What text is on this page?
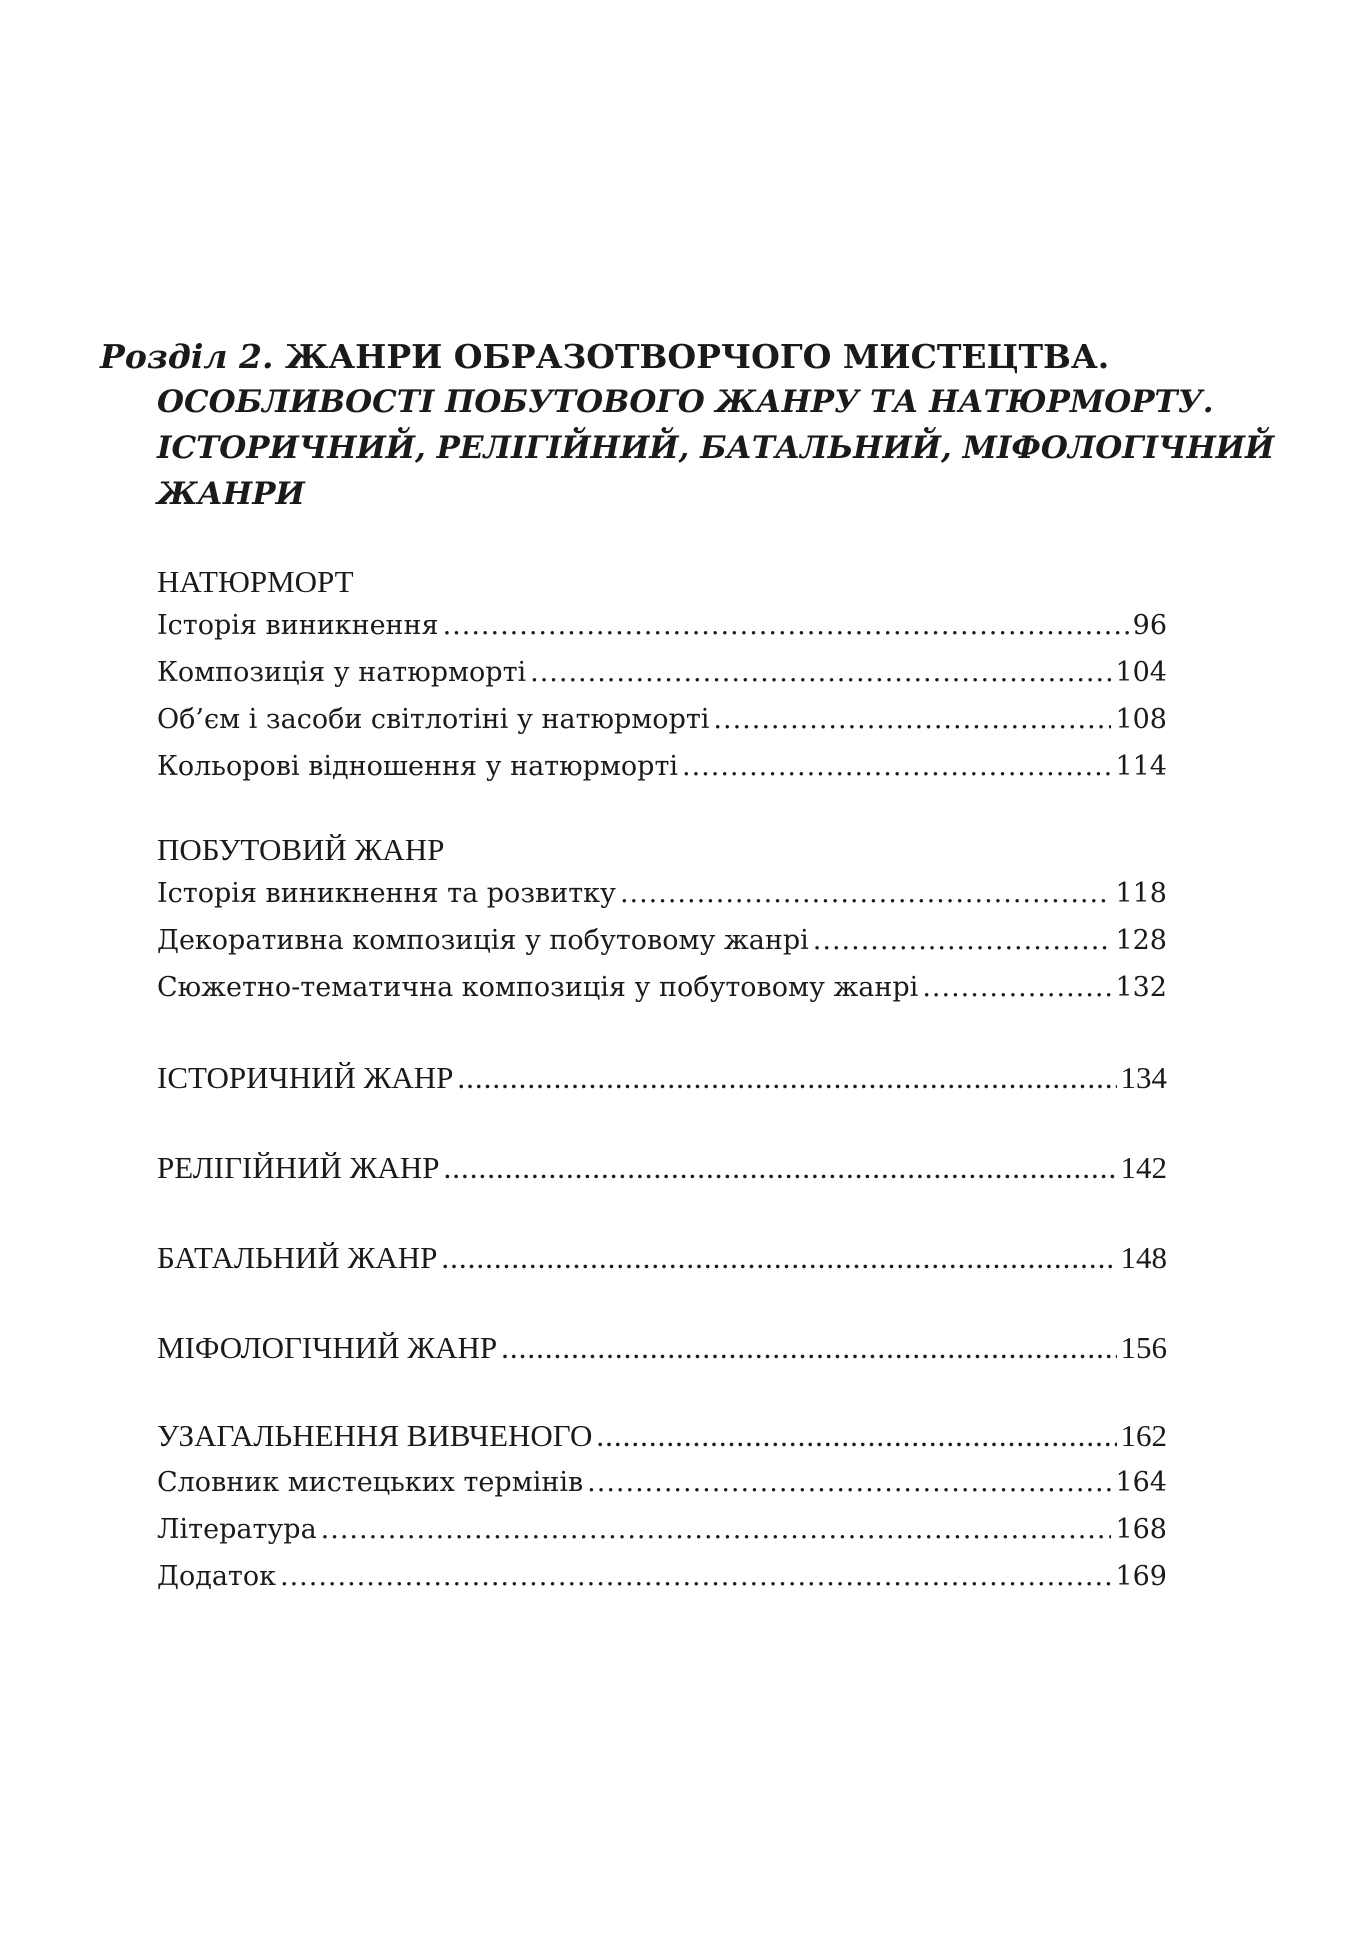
Розділ 2. ЖАНРИ ОБРАЗОТВОРЧОГО МИСТЕЦТВА.
ОСОБЛИВОСТІ ПОБУТОВОГО ЖАНРУ ТА НАТЮРМОРТУ.
ІСТОРИЧНИЙ, РЕЛІГІЙНИЙ, БАТАЛЬНИЙ, МІФОЛОГІЧНИЙ
ЖАНРИ
НАТЮРМОРТ
Історія виникнення .....	96
Композиція у натюрморті .....	104
Об’єм і засоби світлотіні у натюрморті .....	108
Кольорові відношення у натюрморті .....	114
ПОБУТОВИЙ ЖАНР
Історія виникнення та розвитку .....	118
Декоративна композиція у побутовому жанрі .....	128
Сюжетно-тематична композиція у побутовому жанрі .....	132
ІСТОРИЧНИЙ ЖАНР .....	134
РЕЛІГІЙНИЙ ЖАНР .....	142
БАТАЛЬНИЙ ЖАНР .....	148
МІФОЛОГІЧНИЙ ЖАНР .....	156
УЗАГАЛЬНЕННЯ ВИВЧЕНОГО .....	162
Словник мистецьких термінів .....	164
Література .....	168
Додаток .....	169
